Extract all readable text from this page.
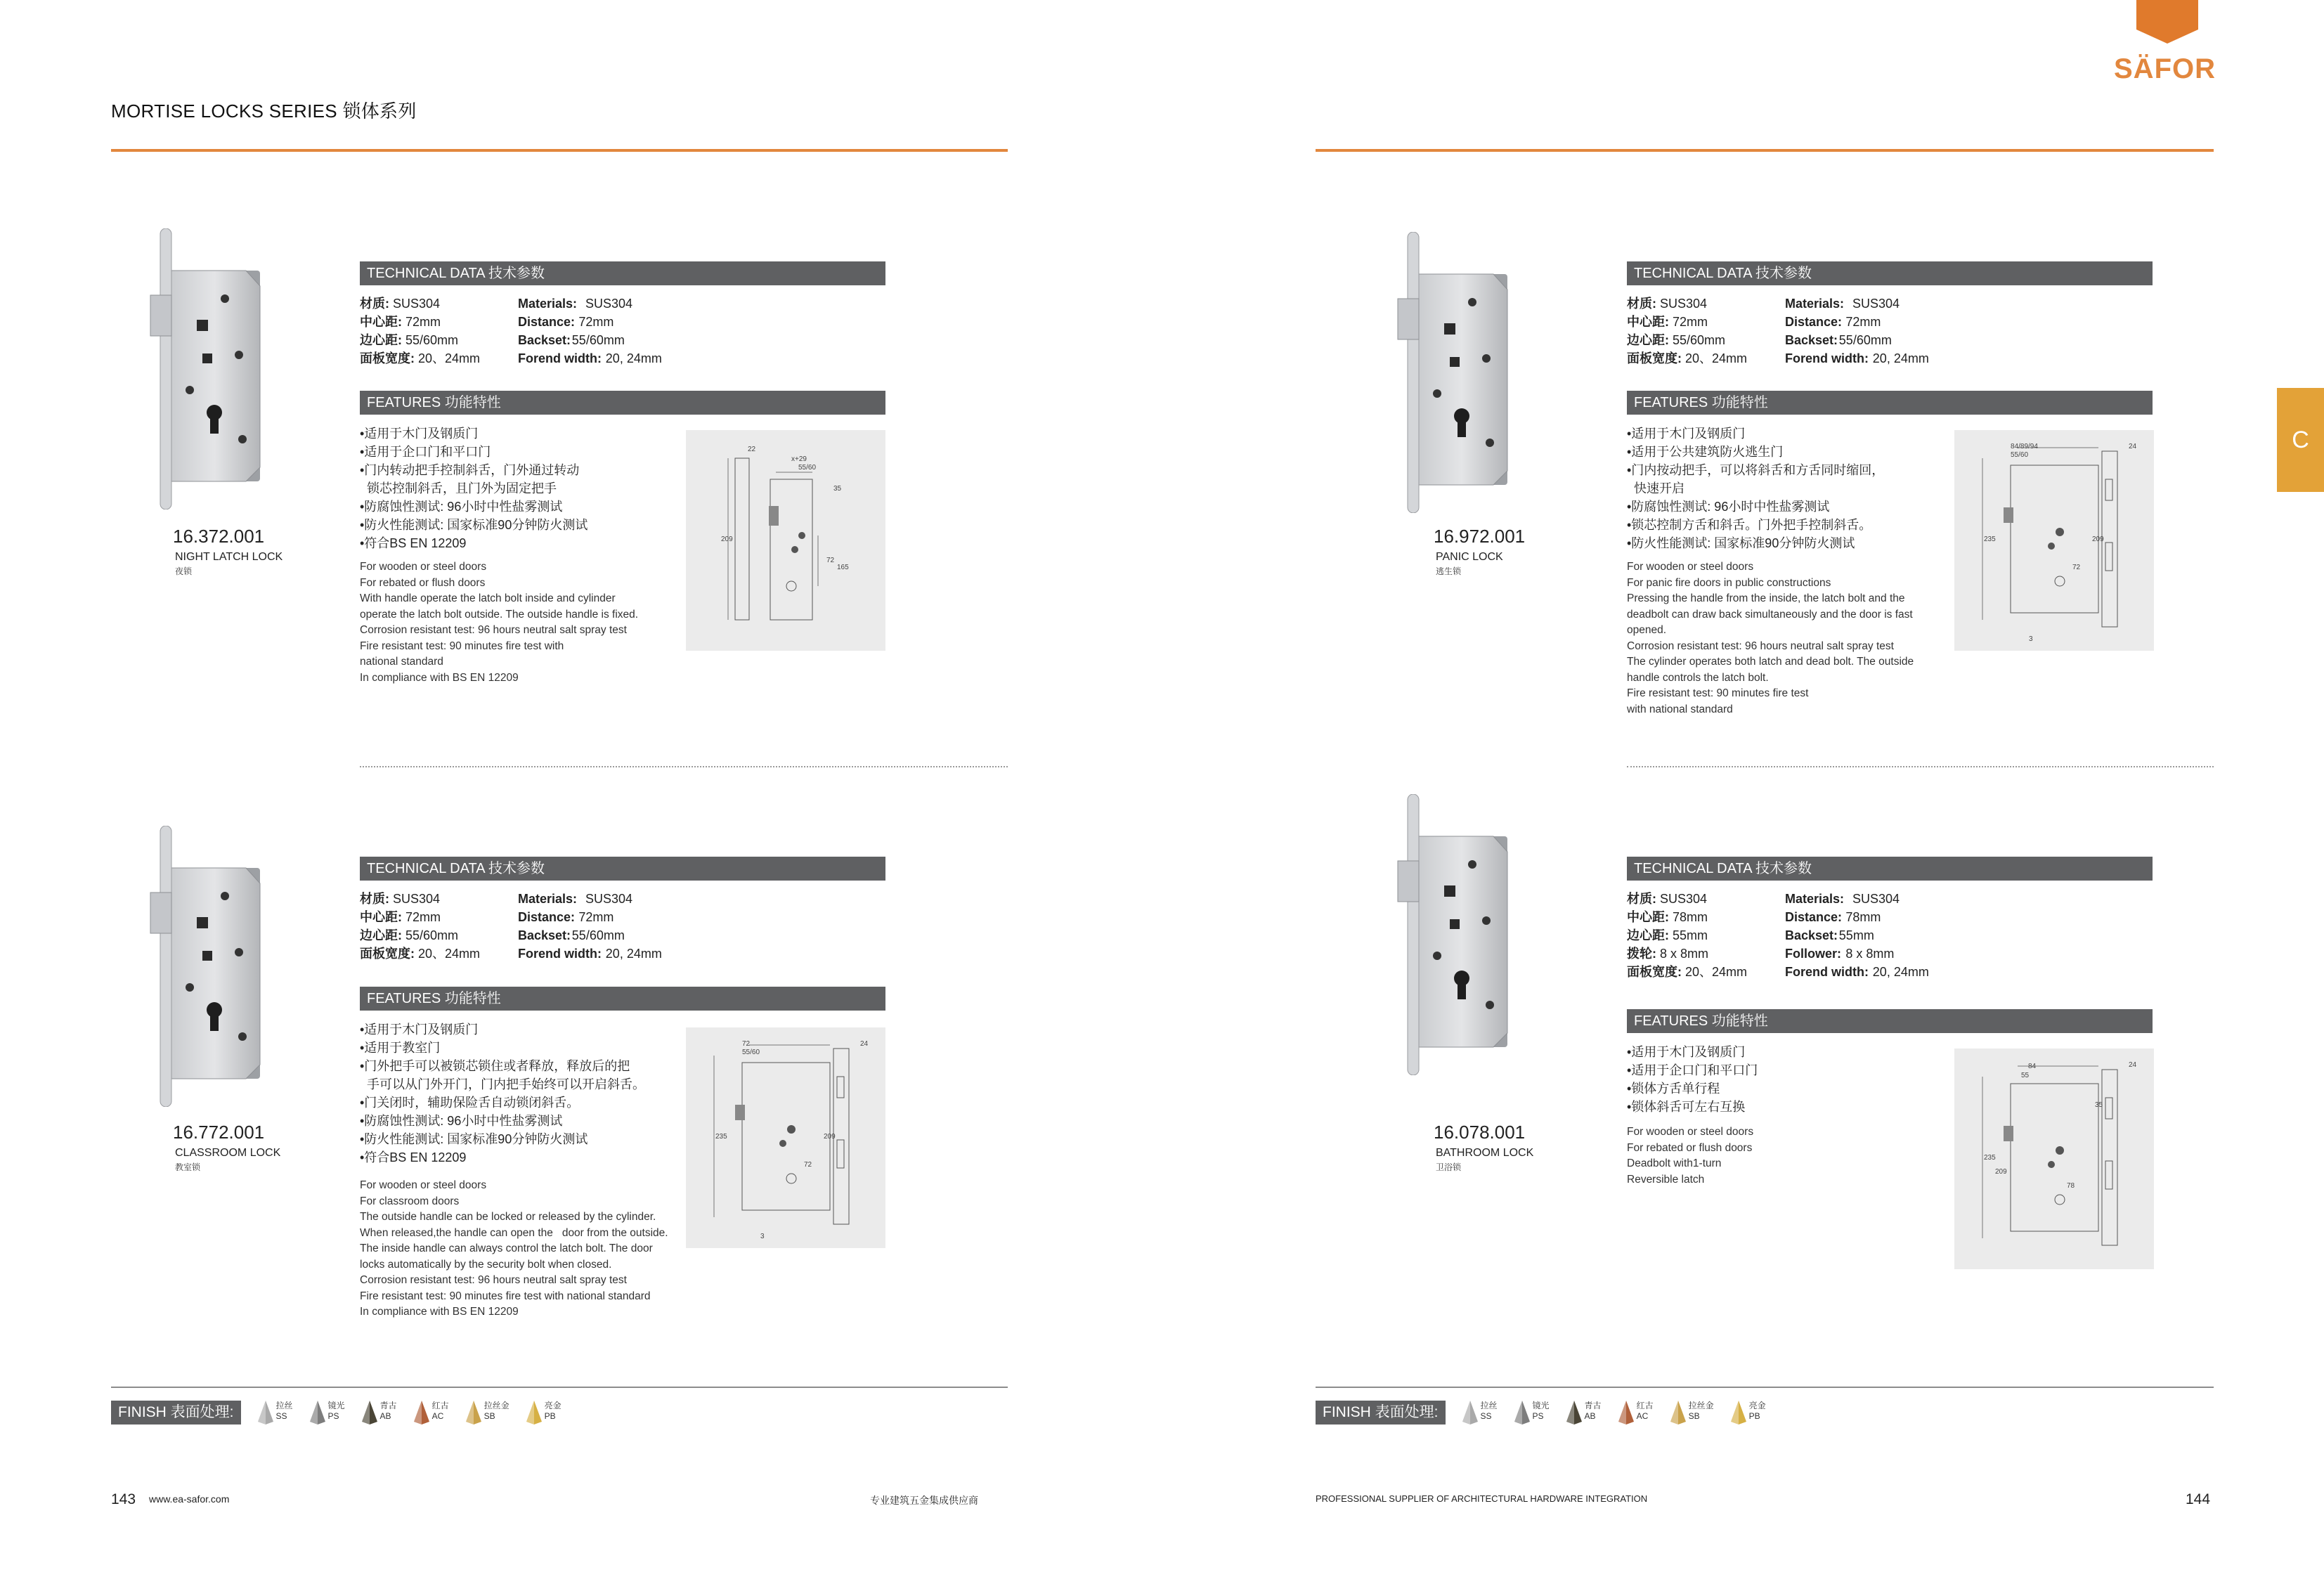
MORTISE LOCKS SERIES 锁体系列
SÄFOR
C
16.372.001
NIGHT LATCH LOCK
夜锁
TECHNICAL DATA 技术参数
材质: SUS304	Materials: SUS304
中心距: 72mm	Distance: 72mm
边心距: 55/60mm	Backset: 55/60mm
面板宽度: 20、24mm	Forend width: 20, 24mm
FEATURES 功能特性
•适用于木门及钢质门
•适用于企口门和平口门
•门内转动把手控制斜舌，门外通过转动
锁芯控制斜舌，且门外为固定把手
•防腐蚀性测试: 96小时中性盐雾测试
•防火性能测试: 国家标准90分钟防火测试
•符合BS EN 12209
For wooden or steel doors
For rebated or flush doors
With handle operate the latch bolt inside and cylinder
operate the latch bolt outside. The outside handle is fixed.
Corrosion resistant test: 96 hours neutral salt spray test
Fire resistant test: 90 minutes fire test with
national standard
In compliance with BS EN 12209
22
x+29
55/60
35
72
165
209	16.972.001
PANIC LOCK
逃生锁
TECHNICAL DATA 技术参数
材质: SUS304	Materials: SUS304
中心距: 72mm	Distance: 72mm
边心距: 55/60mm	Backset: 55/60mm
面板宽度: 20、24mm	Forend width: 20, 24mm
FEATURES 功能特性
•适用于木门及钢质门
•适用于公共建筑防火逃生门
•门内按动把手，可以将斜舌和方舌同时缩回，
快速开启
•防腐蚀性测试: 96小时中性盐雾测试
•锁芯控制方舌和斜舌。门外把手控制斜舌。
•防火性能测试: 国家标准90分钟防火测试
For wooden or steel doors
For panic fire doors in public constructions
Pressing the handle from the inside, the latch bolt and the
deadbolt can draw back simultaneously and the door is fast
opened.
Corrosion resistant test: 96 hours neutral salt spray test
The cylinder operates both latch and dead bolt. The outside
handle controls the latch bolt.
Fire resistant test: 90 minutes fire test
with national standard
84/89/94
55/60
24
235	209
72
3
16.772.001
CLASSROOM LOCK
教室锁
TECHNICAL DATA 技术参数
材质: SUS304	Materials: SUS304
中心距: 72mm	Distance: 72mm
边心距: 55/60mm	Backset: 55/60mm
面板宽度: 20、24mm	Forend width: 20, 24mm
FEATURES 功能特性
•适用于木门及钢质门
•适用于教室门
•门外把手可以被锁芯锁住或者释放，释放后的把
手可以从门外开门，门内把手始终可以开启斜舌。
•门关闭时，辅助保险舌自动锁闭斜舌。
•防腐蚀性测试: 96小时中性盐雾测试
•防火性能测试: 国家标准90分钟防火测试
•符合BS EN 12209
For wooden or steel doors
For classroom doors
The outside handle can be locked or released by the cylinder.
When released,the handle can open the   door from the outside.
The inside handle can always control the latch bolt. The door
locks automatically by the security bolt when closed.
Corrosion resistant test: 96 hours neutral salt spray test
Fire resistant test: 90 minutes fire test with national standard
In compliance with BS EN 12209
72
55/60
24
235	209
72
3
16.078.001
BATHROOM LOCK
卫浴锁
TECHNICAL DATA 技术参数
材质: SUS304	Materials: SUS304
中心距: 78mm	Distance: 78mm
边心距: 55mm	Backset: 55mm
拨轮: 8 x 8mm	Follower: 8 x 8mm
面板宽度: 20、24mm	Forend width: 20, 24mm
FEATURES 功能特性
•适用于木门及钢质门
•适用于企口门和平口门
•锁体方舌单行程
•锁体斜舌可左右互换
For wooden or steel doors
For rebated or flush doors
Deadbolt with1-turn
Reversible latch
84
55
24
35
78
235
209
FINISH 表面处理:	拉丝
SS
镜光
PS
青古
AB
红古
AC
拉丝金
SB
亮金
PB	FINISH 表面处理:	拉丝
SS
镜光
PS
青古
AB
红古
AC
拉丝金
SB
亮金
PB
143 www.ea-safor.com	专业建筑五金集成供应商	PROFESSIONAL SUPPLIER OF ARCHITECTURAL HARDWARE INTEGRATION	144
